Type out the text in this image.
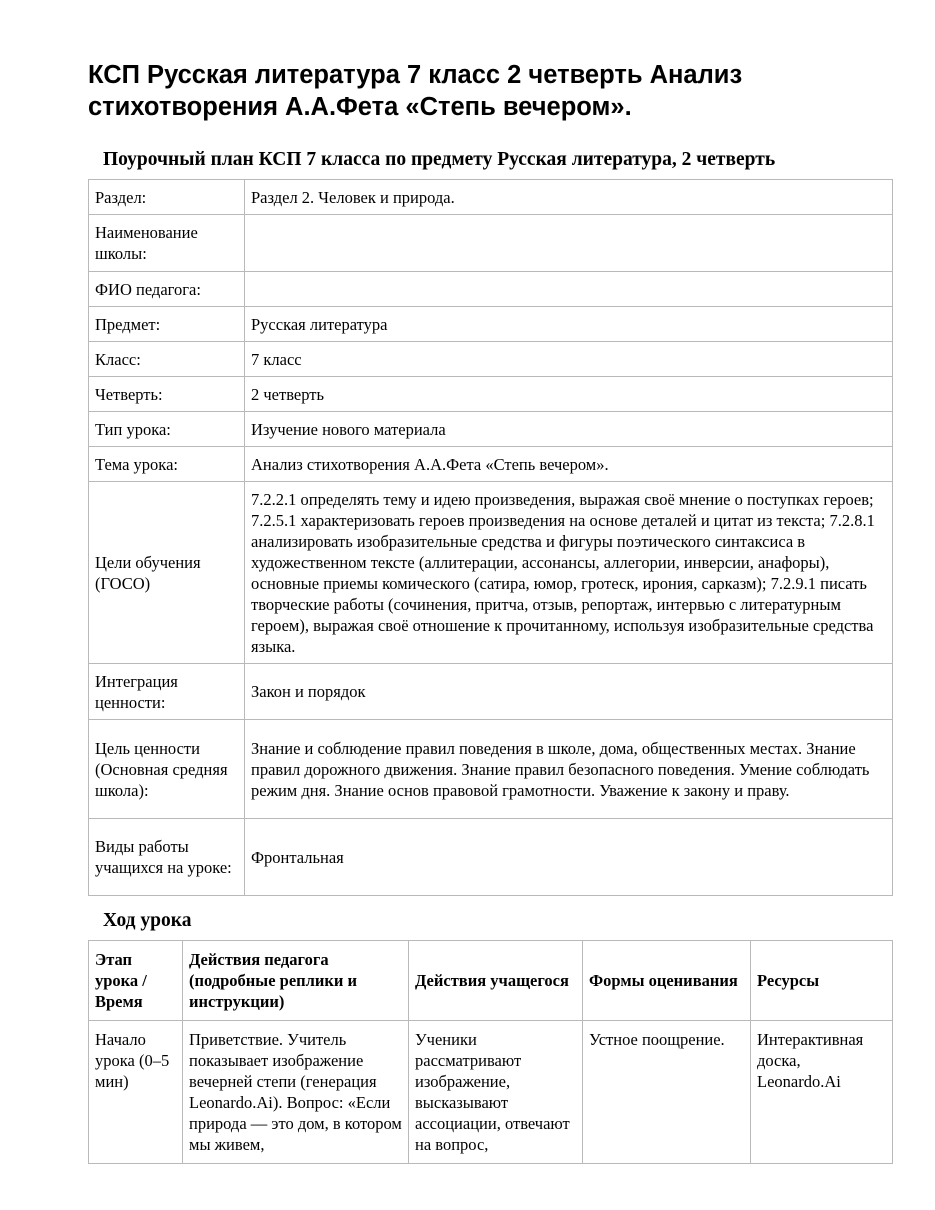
КСП Русская литература 7 класс 2 четверть Анализ стихотворения А.А.Фета «Степь вечером».
Поурочный план КСП 7 класса по предмету Русская литература, 2 четверть
Раздел:	Раздел 2. Человек и природа.
Наименование школы:	
ФИО педагога:	
Предмет:	Русская литература
Класс:	7 класс
Четверть:	2 четверть
Тип урока:	Изучение нового материала
Тема урока:	Анализ стихотворения А.А.Фета «Степь вечером».
Цели обучения (ГОСО)	7.2.2.1 определять тему и идею произведения, выражая своё мнение о поступках героев; 7.2.5.1 характеризовать героев произведения на основе деталей и цитат из текста; 7.2.8.1 анализировать изобразительные средства и фигуры поэтического синтаксиса в художественном тексте (аллитерации, ассонансы, аллегории, инверсии, анафоры), основные приемы комического (сатира, юмор, гротеск, ирония, сарказм); 7.2.9.1 писать творческие работы (сочинения, притча, отзыв, репортаж, интервью с литературным героем), выражая своё отношение к прочитанному, используя изобразительные средства языка.
Интеграция ценности:	Закон и порядок
Цель ценности (Основная средняя школа):	Знание и соблюдение правил поведения в школе, дома, общественных местах. Знание правил дорожного движения. Знание правил безопасного поведения. Умение соблюдать режим дня. Знание основ правовой грамотности. Уважение к закону и праву.
Виды работы учащихся на уроке:	Фронтальная
Ход урока
Этап урока / Время	Действия педагога (подробные реплики и инструкции)	Действия учащегося	Формы оценивания	Ресурсы
Начало урока (0–5 мин)	Приветствие. Учитель показывает изображение вечерней степи (генерация Leonardo.Ai). Вопрос: «Если природа — это дом, в котором мы живем,	Ученики рассматривают изображение, высказывают ассоциации, отвечают на вопрос,	Устное поощрение.	Интерактивная доска, Leonardo.Ai
